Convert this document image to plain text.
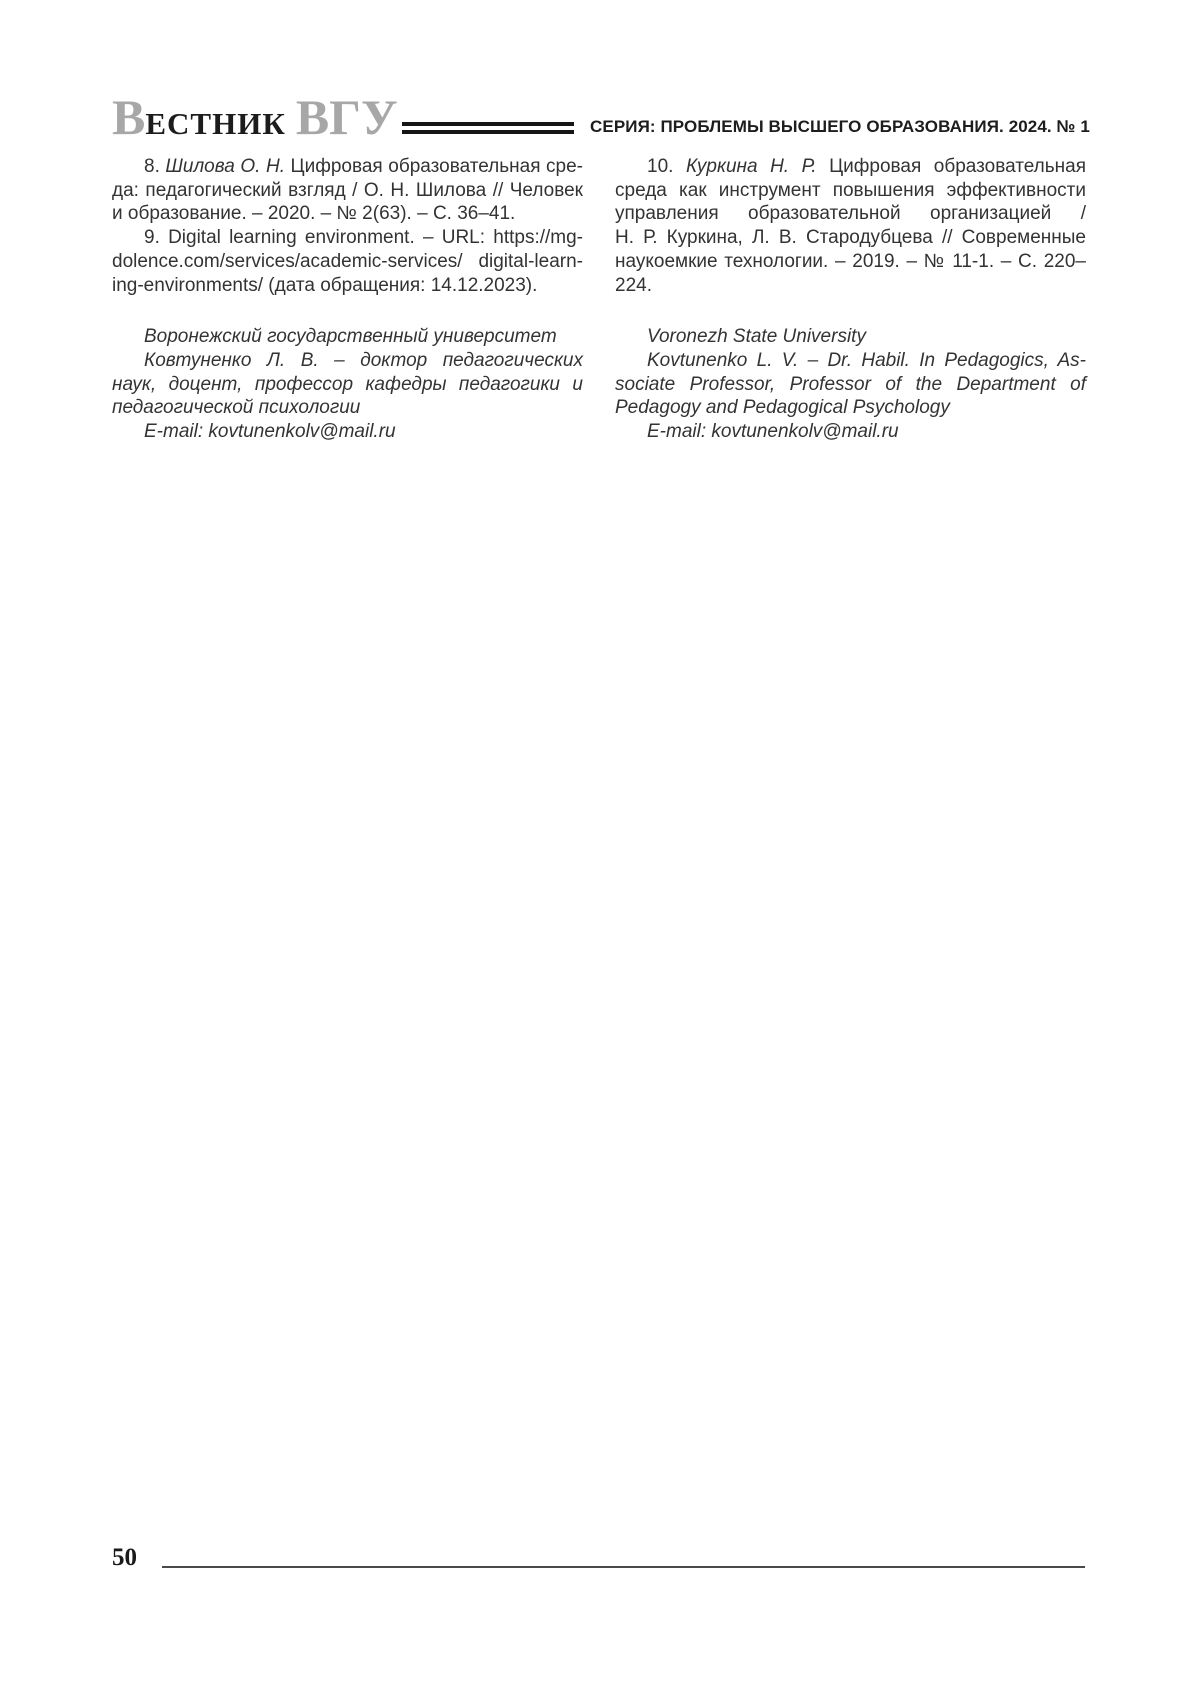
ВЕСТНИК ВГУ	СЕРИЯ: ПРОБЛЕМЫ ВЫСШЕГО ОБРАЗОВАНИЯ. 2024. № 1
8. Шилова О. Н. Цифровая образовательная сре-
да: педагогический взгляд / О. Н. Шилова // Человек
и образование. – 2020. – № 2(63). – С. 36–41.
9. Digital learning environment. – URL: https://mg-
dolence.com/services/academic-services/ digital-learn-
ing-environments/ (дата обращения: 14.12.2023).
Воронежский государственный университет
Ковтуненко Л. В. – доктор педагогических
наук, доцент, профессор кафедры педагогики и
педагогической психологии
E-mail: kovtunenkolv@mail.ru
10. Куркина Н. Р. Цифровая образовательная
среда как инструмент повышения эффективности
управления образовательной организацией /
Н. Р. Куркина, Л. В. Стародубцева // Современные
наукоемкие технологии. – 2019. – № 11-1. – С. 220–
224.
Voronezh State University
Kovtunenko L. V. – Dr. Habil. In Pedagogics, As-
sociate Professor, Professor of the Department of
Pedagogy and Pedagogical Psychology
E-mail: kovtunenkolv@mail.ru
50
